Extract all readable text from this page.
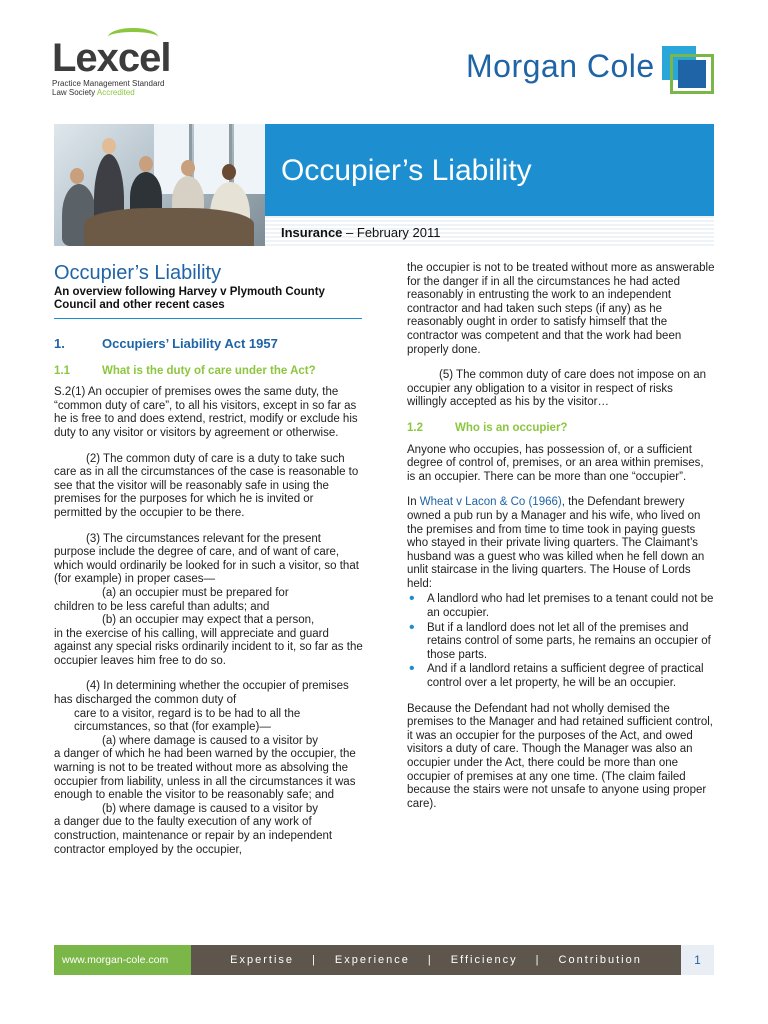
Lexcel
Practice Management Standard
Law Society Accredited
Morgan Cole
Occupier’s Liability
Insurance – February 2011
Occupier’s Liability
An overview following Harvey v Plymouth County Council and other recent cases
1.	Occupiers’ Liability Act 1957
1.1	What is the duty of care under the Act?

S.2(1) An occupier of premises owes the same duty, the “common duty of care”, to all his visitors, except in so far as he is free to and does extend, restrict, modify or exclude his duty to any visitor or visitors by agreement or otherwise.

(2) The common duty of care is a duty to take such care as in all the circumstances of the case is reasonable to see that the visitor will be reasonably safe in using the premises for the purposes for which he is invited or permitted by the occupier to be there.

(3) The circumstances relevant for the present purpose include the degree of care, and of want of care, which would ordinarily be looked for in such a visitor, so that (for example) in proper cases—

(a) an occupier must be prepared for

children to be less careful than adults; and

(b) an occupier may expect that a person,

in the exercise of his calling, will appreciate and guard against any special risks ordinarily incident to it, so far as the occupier leaves him free to do so.

(4) In determining whether the occupier of premises has discharged the common duty of

care to a visitor, regard is to be had to all the circumstances, so that (for example)—

(a) where damage is caused to a visitor by

a danger of which he had been warned by the occupier, the warning is not to be treated without more as absolving the occupier from liability, unless in all the circumstances it was enough to enable the visitor to be reasonably safe; and

(b) where damage is caused to a visitor by

a danger due to the faulty execution of any work of construction, maintenance or repair by an independent contractor employed by the occupier,

the occupier is not to be treated without more as answerable for the danger if in all the circumstances he had acted reasonably in entrusting the work to an independent contractor and had taken such steps (if any) as he reasonably ought in order to satisfy himself that the contractor was competent and that the work had been properly done.

(5) The common duty of care does not impose on an occupier any obligation to a visitor in respect of risks willingly accepted as his by the visitor…

1.2	Who is an occupier?

Anyone who occupies, has possession of, or a sufficient degree of control of, premises, or an area within premises, is an occupier. There can be more than one “occupier”.

In Wheat v Lacon & Co (1966), the Defendant brewery owned a pub run by a Manager and his wife, who lived on the premises and from time to time took in paying guests who stayed in their private living quarters. The Claimant’s husband was a guest who was killed when he fell down an unlit staircase in the living quarters. The House of Lords held:

• A landlord who had let premises to a tenant could not be an occupier.
• But if a landlord does not let all of the premises and retains control of some parts, he remains an occupier of those parts.
• And if a landlord retains a sufficient degree of practical control over a let property, he will be an occupier.

Because the Defendant had not wholly demised the premises to the Manager and had retained sufficient control, it was an occupier for the purposes of the Act, and owed visitors a duty of care. Though the Manager was also an occupier under the Act, there could be more than one occupier of premises at any one time. (The claim failed because the stairs were not unsafe to anyone using proper care).

www.morgan-cole.com	Expertise | Experience | Efficiency | Contribution	1
